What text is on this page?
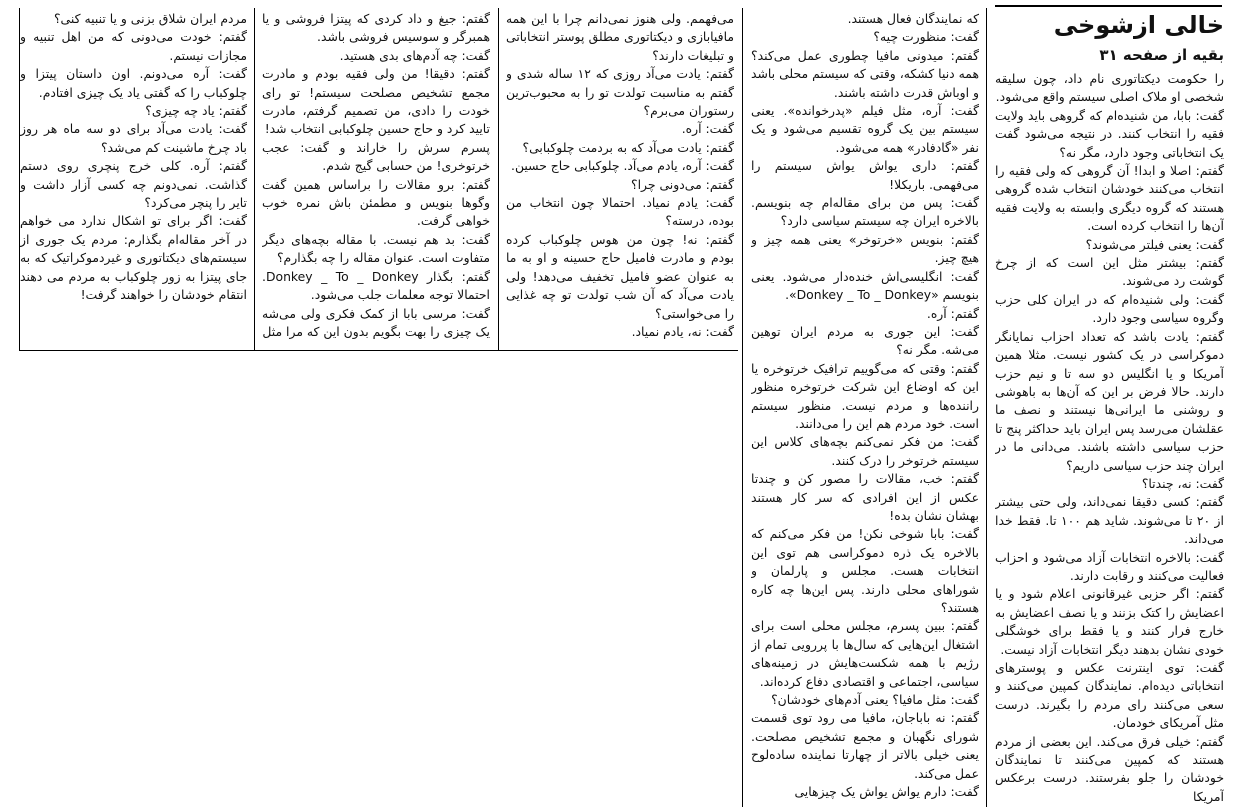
خالی ازشوخی
بقیه از صفحه ۳۱

را حکومت دیکتاتوری نام داد، چون سلیقه شخصی او ملاک اصلی سیستم واقع می‌شود.

گفت: بابا، من شنیده‌ام که گروهی باید ولایت فقیه را انتخاب کنند. در نتیجه می‌شود گفت یک انتخاباتی وجود دارد، مگر نه؟

گفتم: اصلا و ابدا! آن گروهی که ولی فقیه را انتخاب می‌کنند خودشان انتخاب شده گروهی هستند که گروه دیگری وابسته به ولایت فقیه آن‌ها را انتخاب کرده است.

گفت: یعنی فیلتر می‌شوند؟

گفتم: بیشتر مثل این است که از چرخ گوشت رد می‌شوند.

گفت: ولی شنیده‌ام که در ایران کلی حزب وگروه سیاسی وجود دارد.

گفتم: یادت باشد که تعداد احزاب نمایانگر دموکراسی در یک کشور نیست. مثلا همین آمریکا و یا انگلیس دو سه تا و نیم حزب دارند. حالا فرض بر این که آن‌ها به باهوشی و روشنی ما ایرانی‌ها نیستند و نصف ما عقلشان می‌رسد پس ایران باید حداکثر پنج تا حزب سیاسی داشته باشند. می‌دانی ما در ایران چند حزب سیاسی داریم؟

گفت: نه، چندتا؟

گفتم: کسی دقیقا نمی‌داند، ولی حتی بیشتر از ۲۰ تا می‌شوند. شاید هم ۱۰۰ تا. فقط خدا می‌داند.

گفت: بالاخره انتخابات آزاد می‌شود و احزاب فعالیت می‌کنند و رقابت دارند.

گفتم: اگر حزبی غیرقانونی اعلام شود و یا اعضایش را کتک بزنند و یا نصف اعضایش به خارج فرار کنند و یا فقط برای خوشگلی خودی نشان بدهند دیگر انتخابات آزاد نیست.

گفت: توی اینترنت عکس و پوسترهای انتخاباتی دیده‌ام. نمایندگان کمپین می‌کنند و سعی می‌کنند رای مردم را بگیرند. درست مثل آمریکای خودمان.

گفتم: خیلی فرق می‌کند. این بعضی از مردم هستند که کمپین می‌کنند تا نمایندگان خودشان را جلو بفرستند. درست برعکس آمریکا

که نمایندگان فعال هستند.

گفت: منظورت چیه؟

گفتم: میدونی مافیا چطوری عمل می‌کند؟ همه دنیا کشکه، وقتی که سیستم محلی باشد و اوباش قدرت داشته باشند.

گفت: آره، مثل فیلم «پدرخوانده». یعنی سیستم بین یک گروه تقسیم می‌شود و یک نفر «گادفادر» همه می‌شود.

گفتم: داری یواش یواش سیستم را می‌فهمی. باریکلا!

گفت: پس من برای مقاله‌ام چه بنویسم. بالاخره ایران چه سیستم سیاسی دارد؟

گفتم: بنویس «خرتوخر» یعنی همه چیز و هیچ چیز.

گفت: انگلیسی‌اش خنده‌دار می‌شود. یعنی بنویسم «Donkey _ To _ Donkey».

گفتم: آره.

گفت: این جوری به مردم ایران توهین می‌شه. مگر نه؟

گفتم: وقتی که می‌گوییم ترافیک خرتوخره یا این که اوضاع این شرکت خرتوخره منظور راننده‌ها و مردم نیست. منظور سیستم است. خود مردم هم این را می‌دانند.

گفت: من فکر نمی‌کنم بچه‌های کلاس این سیستم خرتوخر را درک کنند.

گفتم: خب، مقالات را مصور کن و چندتا عکس از این افرادی که سر کار هستند بهشان نشان بده!

گفت: بابا شوخی نکن! من فکر می‌کنم که بالاخره یک ذره دموکراسی هم توی این انتخابات هست. مجلس و پارلمان و شوراهای محلی دارند. پس این‌ها چه کاره هستند؟

گفتم: ببین پسرم، مجلس محلی است برای اشتغال این‌هایی که سال‌ها با پررویی تمام از رژیم با همه شکست‌هایش در زمینه‌های سیاسی، اجتماعی و اقتصادی دفاع کرده‌اند.

گفت: مثل مافیا؟ یعنی آدم‌های خودشان؟

گفتم: نه باباجان، مافیا می رود توی قسمت شورای نگهبان و مجمع تشخیص مصلحت. یعنی خیلی بالاتر از چهارتا نماینده ساده‌لوح عمل می‌کند.

گفت: دارم یواش یواش یک چیزهایی

می‌فهمم. ولی هنوز نمی‌دانم چرا با این همه مافیابازی و دیکتاتوری مطلق پوستر انتخاباتی و تبلیغات دارند؟

گفتم: یادت می‌آد روزی که ۱۲ ساله شدی و گفتم به مناسبت تولدت تو را به محبوب‌ترین رستوران می‌برم؟

گفت: آره.

گفتم: یادت می‌آد که به بردمت چلوکبابی؟

گفت: آره، یادم می‌آد. چلوکبابی حاج حسین.

گفتم: می‌دونی چرا؟

گفت: یادم نمیاد. احتمالا چون انتخاب من بوده، درسته؟

گفتم: نه! چون من هوس چلوکباب کرده بودم و مادرت فامیل حاج حسینه و او به ما به عنوان عضو فامیل تخفیف می‌دهد! ولی یادت می‌آد که آن شب تولدت تو چه غذایی را می‌خواستی؟

گفت: نه، یادم نمیاد.

گفتم: جیغ و داد کردی که پیتزا فروشی و یا همبرگر و سوسیس فروشی باشد.

گفت: چه آدم‌های بدی هستید.

گفتم: دقیقا! من ولی فقیه بودم و مادرت مجمع تشخیص مصلحت سیستم! تو رای خودت را دادی، من تصمیم گرفتم، مادرت تایید کرد و حاج حسین چلوکبابی انتخاب شد!

پسرم سرش را خاراند و گفت: عجب خرتوخری! من حسابی گیج شدم.

گفتم: برو مقالات را براساس همین گفت وگوها بنویس و مطمئن باش نمره خوب خواهی گرفت.

گفت: بد هم نیست. با مقاله بچه‌های دیگر متفاوت است. عنوان مقاله را چه بگذارم؟

گفتم: بگذار Donkey _ To _ Donkey. احتمالا توجه معلمات جلب می‌شود.

گفت: مرسی بابا از کمک فکری ولی می‌شه یک چیزی را بهت بگویم بدون این که مرا مثل

مردم ایران شلاق بزنی و یا تنبیه کنی؟

گفتم: خودت می‌دونی که من اهل تنبیه و مجازات نیستم.

گفت: آره می‌دونم. اون داستان پیتزا و چلوکباب را که گفتی یاد یک چیزی افتادم.

گفتم: یاد چه چیزی؟

گفت: یادت می‌آد برای دو سه ماه هر روز باد چرخ ماشینت کم می‌شد؟

گفتم: آره. کلی خرج پنچری روی دستم گذاشت. نمی‌دونم چه کسی آزار داشت و تایر را پنچر می‌کرد؟

گفت: اگر برای تو اشکال ندارد می خواهم در آخر مقاله‌ام بگذارم: مردم یک جوری از سیستم‌های دیکتاتوری و غیردموکراتیک که به جای پیتزا به زور چلوکباب به مردم می دهند انتقام خودشان را خواهند گرفت!
